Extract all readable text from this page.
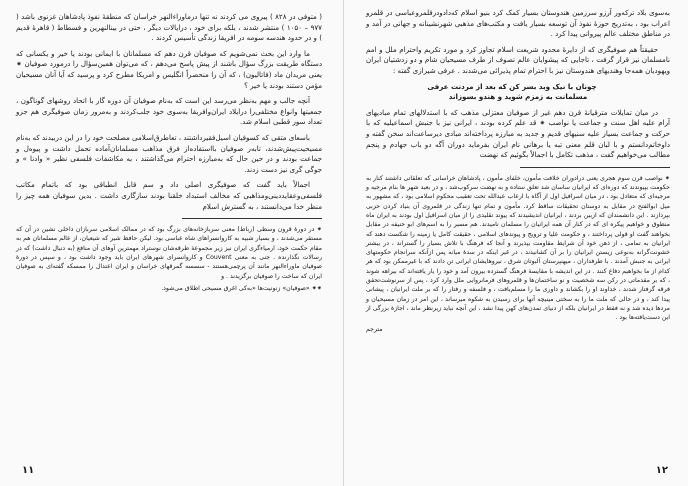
( متوفی در ۸۲۸ ) پیروی می کردند نه تنها درماوراءالنهر خراسان که منطقهٔ نفوذ پادشاهان غزنوی باشد ( ۹۷۷ – ۱۰۵۰ ) منتشر شدند ، بلکه برای خود ، درایالات دیگر ، حتی در بینالنهرین و فسطاط ( قاهرهٔ قدیم ) و در حدود هندسه سومه در افریقا زندگی تأسیس کردند .

ما وارد این بحث نمی‌شویم که صوفیان قرن دهم که مسلمانان با ایمانی بودند یا خیر و یکسانی که دستگاه طریقت بزرگ سؤال باشند از پیش پاسخ می‌دهم ، که می‌توان همین‌سؤال را درمورد صوفیان ⁕ یعنی مریدان ماد (فاتالیون) ، که آن را منحصراً انگلیس و امریکا مطرح کرد و پرسید که آیا آنان مسیحیان مؤمن دستند بودند یا خیر ؟

آنچه جالب و مهم به‌نظر می‌رسد این است که به‌نام صوفیان آن دوره گار با اتحاد روشهای گوناگون ، جمعیتها وانواع مختلفی‌را درایلاد ایران‌وافریقا به‌سوی خود جلب‌کردند و به‌مرور زمان صوفیگری هم جزو تعداد سور قطبی اسلام شد.

باسعای متقی که کسوفیان اسیل‌فقیرداشتند ، تعاطرق‌اسلامی مصلحت خود را در این دربیدند که به‌نام مسیحیت‌پیش‌شدند، تابه‌ر صوفیان بااستفاده‌از فرق مذاهب مسلمانان‌آماده تحمل داشت و پیوه‌ل و جماعت بودند و در حین حال که به‌مبارزه احترام می‌گذاشتند ، به مکاشفات فلسفی نظیر « وادنا » و جوگی گری نیز دست زدند.

اجمالاً باید گفت که صوفیگری اصلی داد و سم قابل انطباقی بود که باتمام مکاتب فلسفی‌وعقاید‌دینی‌ومذاهبی که مخالف استبداد خلقنا بودند سازگاری داشت . بدین سوفیان همه چیز را منظر خدا می‌دانستند ، به گسترش اسلام

⁕ در دورهٔ قرون وسطی (رباط) معنی سربازخانه‌های بزرگ بود که در ممالک اسلامی سربازان داخلی نشین در آن که مستقر می‌شدند ، و بسیار شبیه به کاروانسراهای شاه عباسی بود. لیکن حافظ شیر که شیعیان، از عالم مسلمانان هم به مقام حکمت خود، ارمیاء‌گری ایران نیز زیر مجموعهٔ طرقه‌شان نوستراد مهمترین آوهای آن منافع (به دنبال داشت) که در رسالات نگذارنده . جنی به معنی Couvent و کاروانسرای شهرهای ایران باید وجود داشت بود ، و سپس در دورهٔ صوفیان ماوراءالنهر مانند آن پرچمی‌هستند - سسسه گمرقهای خراسان و ایران اعتدال را ممسکه گفته‌ای به صوفیان ایران که ساخت را صوفیان برگزیدند . و

⁕⁕ «صوفیان» زنونیت‌ها «به‌کی اغرق مسیحی اطلاق می‌شود.

١١

به‌سوی بلاد ترکه‌ور آرزو سرزمین هندوستان بسیار کمک کرد بنیو اسلام که‌دادودرقلمروعباسی در قلمرو اعراب بود ، به‌تدریج حوزهٔ نفوذ آن توسعه بسیار یافت و مکتب‌های مذهبی شهرنشینانه و جهانی در آمد و در مناطق مختلف عالم پیروانی پیدا کرد .

حقیقتاً هم صوفیگری که از دایرهٔ محدود شریعت اسلام تجاوز کرد و مورد تکریم واحترام ملل و امم نامسلمان نیز قرار گرفت ، تاجایی که پیشوایان عالم تصوف از طرف مسیحیان شام و دو زدشتیان ایران ویهودیان همه‌جا وهندیهای هندوستان نیز با احترام تمام پذیرائی می‌شدند . عرفی شیرازی گفته :

چونان با نیک وبد بسر کن که بعد از مردنت عرفی
مسلمانت به زمزم شوید و هندو بسوزاند

در میان تمایلات مترقیانهٔ قرن دهم غیر از صوفیان معتزلی مذهب که با استدلالهای تمام مبادیهای آرام علیه اهل سنت و جماعت یا نواصب ⁕ قد علم کرده بودند ، ایرانی نیز با جنبش اسماعیلیه که با حرکت و جماعت بسیار علیه سنیهای قدیم و جدید به مبارزه پرداخته‌اند مبادی دیرساعت‌اند سخن گفته و داوخاتم‌دانستم و با لبان قلم معنی تبه یا برهانی نام ایران بفرماید دوران آگه دو باب جهادم و پنجم مطالب می‌خواهیم گفت ، مذهب تکامل با اجمالاً بگوئیم که نهضت

⁕ نواصب قرن سوم هجری یعنی درادوران خلافت مأمون، خلفای مأمون ، پادشاهان خراسانی که تعلقاتی داشتند کنار به حکومت بپیوندند که دوره‌ای که ایرانیان ساسان شد تعلق ستاده و به نهضت سرکوب‌شد ، و در بعید شهر ها بنام مرجیه و مرجیه‌ای که متعادل بود ، در میان اسرافیل اول از آگاه با ارعاب عبدالله تحت تعقیب محکوم اسلامی بود ، که مشهور به میل ابوالفتح در مقابل به دوستان تحقیقات ساقط کرد. مأمون و تمام تنها زندگی در قلمروی آن بنیاد کردن حزبی بپردازند . این دانشمندان که ازبین بردند ، ایرانیان اندیشیدند که پیوند تقلیدی را از میان اسرافیل اول بودند به ایران ماه منطوق و خواهیم پیکره ای که در کنار آن همه ایرانیان را مسلمان نامیدند. هم مسیر را به اسم‌های ابو حنیفه در مقابل بخواهند گفت او قولی پرداختند ، و حکومت علیا و ترویج و پیوندهای اسلامی ، حقیقت کامل یا زمینه را شکست دهند که ایرانیان به تمامی ، از ذهن خود آن شرایط مقاومت بپذیرند و آنجا که فرهنگ با تلاش بسیار را گستراند ، در بیشتر خشونت‌گرانه به‌نوعی زیستن ایرانیان را بر آن کشانیدند ، در غیر اینکه در سدهٔ میانه پس ازآنکه سرانجام حکومتهای ایرانی به جنبش آمدند . با طرفداران ، میهنپرستان آلبوتان شرق ، نیروهایشان ایرانی تن دادند که با غیرممکن بود که هر کدام از ما بخواهیم دفاع کنند . در این اندیشه با مقایسهٔ فرهنگ گسترده بیرون آمد و خود را یار یافته‌اند که بیراهه شوند ، که بر مقدماتی در رکن سه شخصیت و نو ساختمان‌ها و قلمروهای فرمانروایی ملل وارد کرد ، پس از سرنوشت‌تحقق فرقه گرفتار شدند ، خداوند او را بکشاند و داوری ما را مسلم‌یافت ، و فلسفه و رفتار را که بر ملت ایرانیان ، پیشانی پیدا کند ، و در حالی که ملت ما را به سختی مینیچه آنها برای رسیدن به شکوه میرساند ، این امر در زمان مسیحیان و مرد‌ها دیده شد و نه فقط در ایرانیان بلکه از دنیای تمدن‌های کهن پیدا نشد ، این آنچه نباید زیرنظر ماند ، اجازهٔ بزرگی از این دست‌یافته‌ها بود .

مترجم

١٢
